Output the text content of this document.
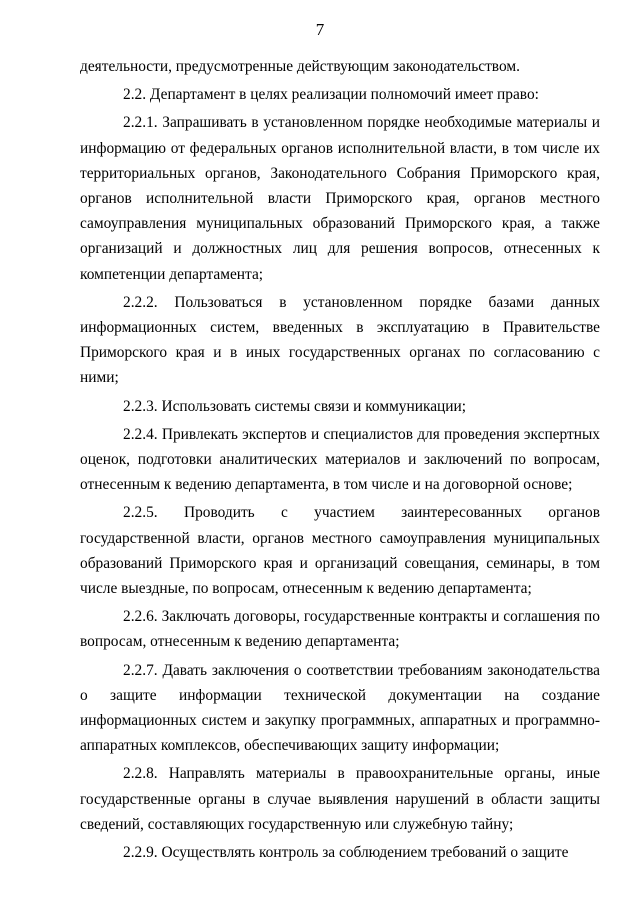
7

деятельности, предусмотренные действующим законодательством.

2.2. Департамент в целях реализации полномочий имеет право:

2.2.1. Запрашивать в установленном порядке необходимые материалы и информацию от федеральных органов исполнительной власти, в том числе их территориальных органов, Законодательного Собрания Приморского края, органов исполнительной власти Приморского края, органов местного самоуправления муниципальных образований Приморского края, а также организаций и должностных лиц для решения вопросов, отнесенных к компетенции департамента;

2.2.2. Пользоваться в установленном порядке базами данных информационных систем, введенных в эксплуатацию в Правительстве Приморского края и в иных государственных органах по согласованию с ними;

2.2.3. Использовать системы связи и коммуникации;

2.2.4. Привлекать экспертов и специалистов для проведения экспертных оценок, подготовки аналитических материалов и заключений по вопросам, отнесенным к ведению департамента, в том числе и на договорной основе;

2.2.5. Проводить с участием заинтересованных органов государственной власти, органов местного самоуправления муниципальных образований Приморского края и организаций совещания, семинары, в том числе выездные, по вопросам, отнесенным к ведению департамента;

2.2.6. Заключать договоры, государственные контракты и соглашения по вопросам, отнесенным к ведению департамента;

2.2.7. Давать заключения о соответствии требованиям законодательства о защите информации технической документации на создание информационных систем и закупку программных, аппаратных и программно-аппаратных комплексов, обеспечивающих защиту информации;

2.2.8. Направлять материалы в правоохранительные органы, иные государственные органы в случае выявления нарушений в области защиты сведений, составляющих государственную или служебную тайну;

2.2.9. Осуществлять контроль за соблюдением требований о защите
